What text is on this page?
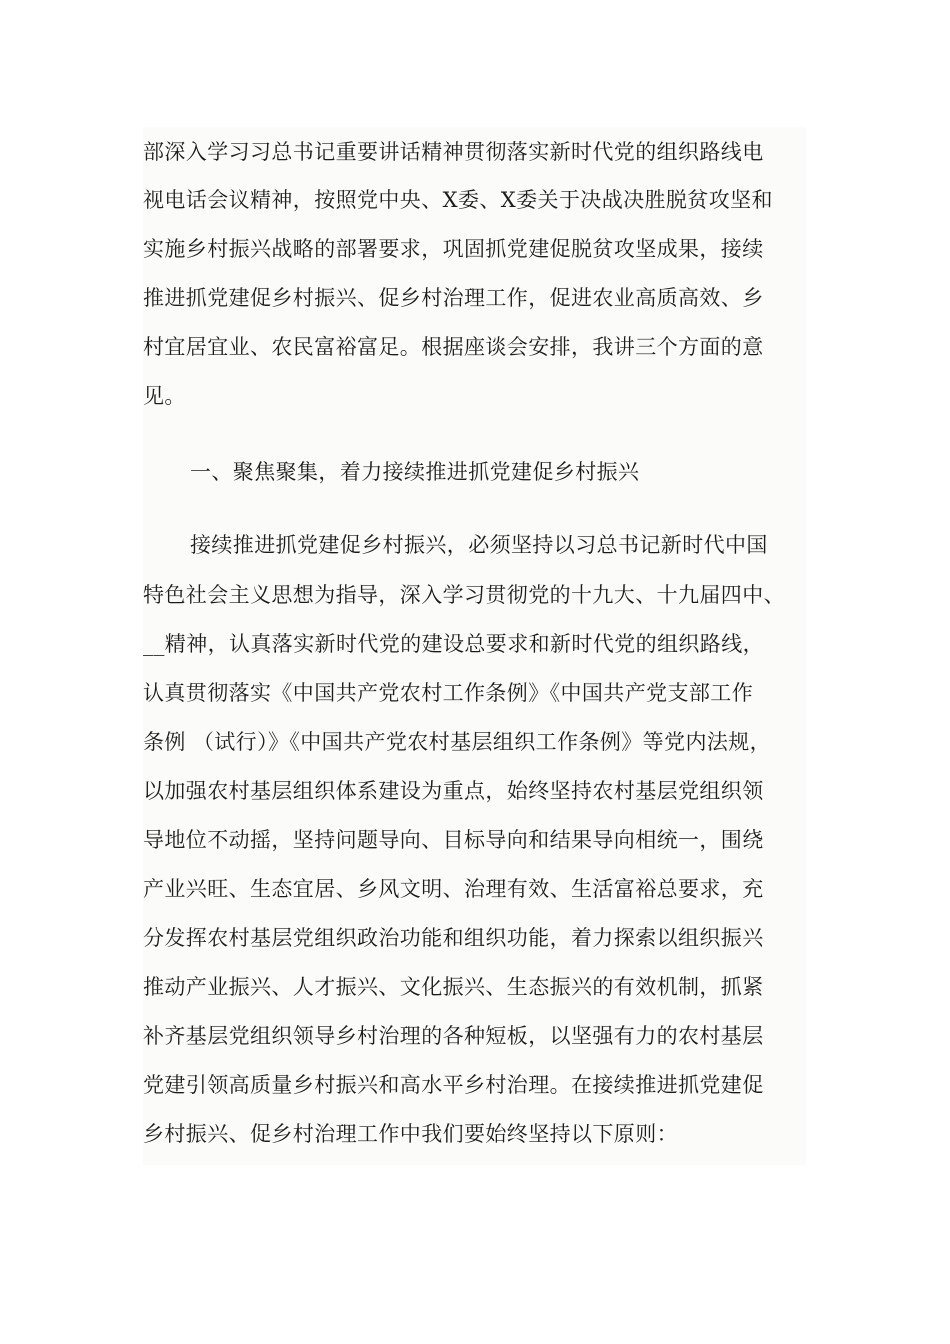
部深入学习习总书记重要讲话精神贯彻落实新时代党的组织路线电
视电话会议精神，按照党中央、X委、X委关于决战决胜脱贫攻坚和
实施乡村振兴战略的部署要求，巩固抓党建促脱贫攻坚成果，接续
推进抓党建促乡村振兴、促乡村治理工作，促进农业高质高效、乡
村宜居宜业、农民富裕富足。根据座谈会安排，我讲三个方面的意
见。
一、聚焦聚集，着力接续推进抓党建促乡村振兴
接续推进抓党建促乡村振兴，必须坚持以习总书记新时代中国
特色社会主义思想为指导，深入学习贯彻党的十九大、十九届四中、
__精神，认真落实新时代党的建设总要求和新时代党的组织路线，
认真贯彻落实《中国共产党农村工作条例》《中国共产党支部工作
条例 （试行）》《中国共产党农村基层组织工作条例》等党内法规，
以加强农村基层组织体系建设为重点，始终坚持农村基层党组织领
导地位不动摇，坚持问题导向、目标导向和结果导向相统一，围绕
产业兴旺、生态宜居、乡风文明、治理有效、生活富裕总要求，充
分发挥农村基层党组织政治功能和组织功能，着力探索以组织振兴
推动产业振兴、人才振兴、文化振兴、生态振兴的有效机制，抓紧
补齐基层党组织领导乡村治理的各种短板，以坚强有力的农村基层
党建引领高质量乡村振兴和高水平乡村治理。在接续推进抓党建促
乡村振兴、促乡村治理工作中我们要始终坚持以下原则：
